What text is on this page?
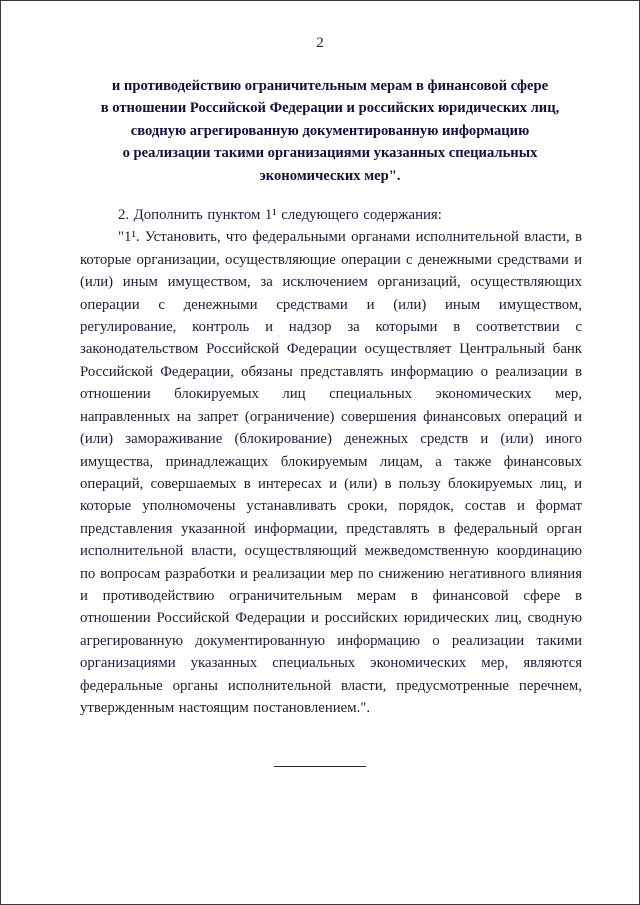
2
и противодействию ограничительным мерам в финансовой сфере
в отношении Российской Федерации и российских юридических лиц,
сводную агрегированную документированную информацию
о реализации такими организациями указанных специальных
экономических мер".

2. Дополнить пунктом 1¹ следующего содержания:

"1¹. Установить, что федеральными органами исполнительной власти, в которые организации, осуществляющие операции с денежными средствами и (или) иным имуществом, за исключением организаций, осуществляющих операции с денежными средствами и (или) иным имуществом, регулирование, контроль и надзор за которыми в соответствии с законодательством Российской Федерации осуществляет Центральный банк Российской Федерации, обязаны представлять информацию о реализации в отношении блокируемых лиц специальных экономических мер, направленных на запрет (ограничение) совершения финансовых операций и (или) замораживание (блокирование) денежных средств и (или) иного имущества, принадлежащих блокируемым лицам, а также финансовых операций, совершаемых в интересах и (или) в пользу блокируемых лиц, и которые уполномочены устанавливать сроки, порядок, состав и формат представления указанной информации, представлять в федеральный орган исполнительной власти, осуществляющий межведомственную координацию по вопросам разработки и реализации мер по снижению негативного влияния и противодействию ограничительным мерам в финансовой сфере в отношении Российской Федерации и российских юридических лиц, сводную агрегированную документированную информацию о реализации такими организациями указанных специальных экономических мер, являются федеральные органы исполнительной власти, предусмотренные перечнем, утвержденным настоящим постановлением.".
